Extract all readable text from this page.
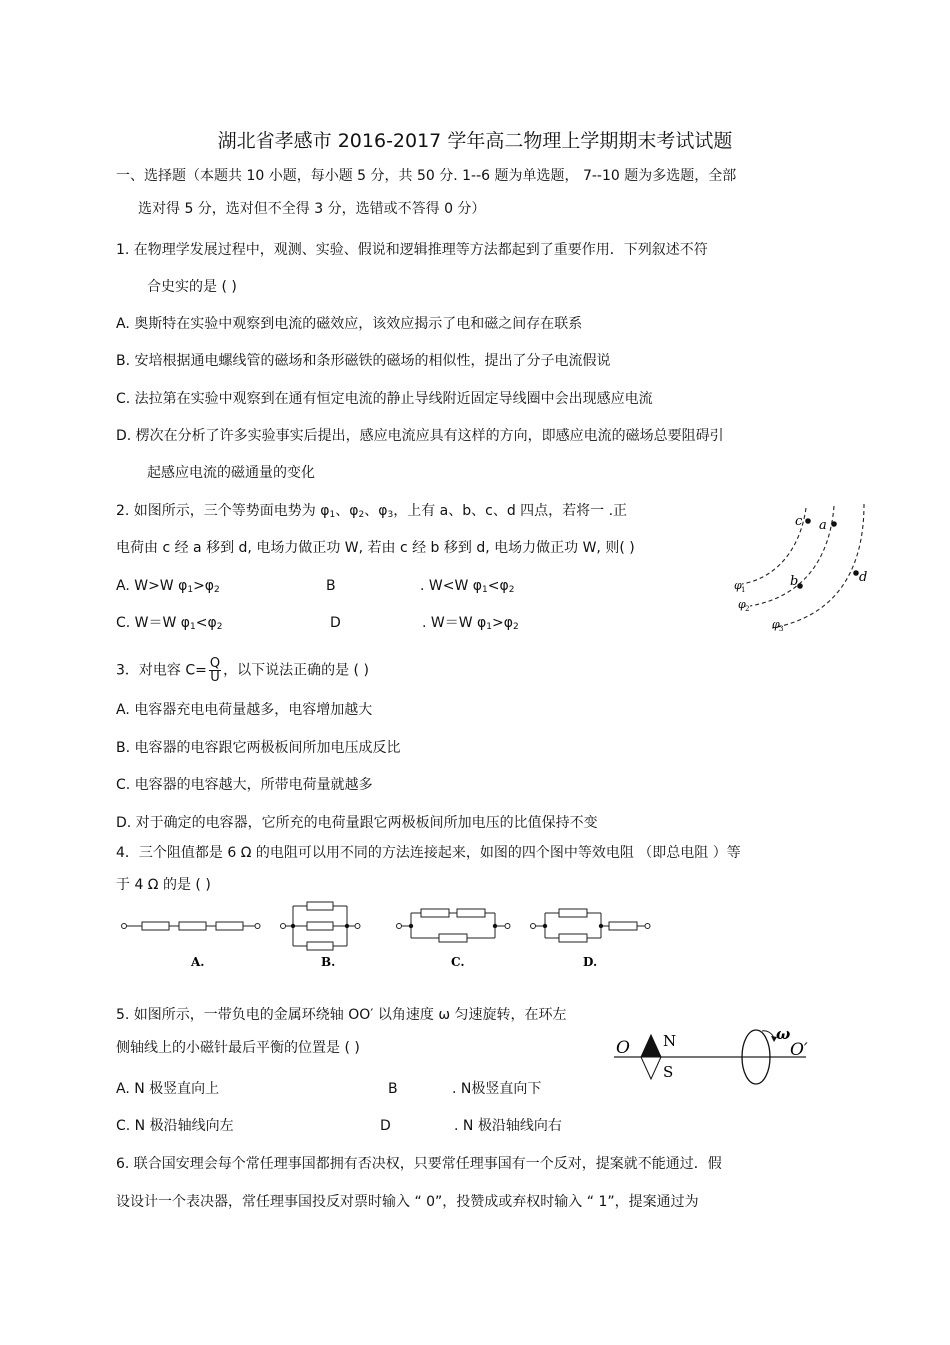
湖北省孝感市 2016-2017 学年高二物理上学期期末考试试题
一、选择题（本题共 10 小题，每小题 5 分，共 50 分. 1--6 题为单选题， 7--10 题为多选题，全部
选对得 5 分，选对但不全得 3 分，选错或不答得 0 分）
1. 在物理学发展过程中，观测、实验、假说和逻辑推理等方法都起到了重要作用．下列叙述不符
合史实的是 ( )
A. 奥斯特在实验中观察到电流的磁效应，该效应揭示了电和磁之间存在联系
B. 安培根据通电螺线管的磁场和条形磁铁的磁场的相似性，提出了分子电流假说
C. 法拉第在实验中观察到在通有恒定电流的静止导线附近固定导线圈中会出现感应电流
D. 楞次在分析了许多实验事实后提出，感应电流应具有这样的方向，即感应电流的磁场总要阻碍引
起感应电流的磁通量的变化
2. 如图所示，三个等势面电势为 $\varphi_1$、$\varphi_2$、$\varphi_3$，上有 a、b、c、d 四点，若将一 .正
电荷由 c 经 a 移到 d, 电场力做正功 W, 若由 c 经 b 移到 d, 电场力做正功 W, 则( )
A. W>W $\varphi_1>\varphi_2$	B	. W<W $\varphi_1<\varphi_2$
C. W＝W $\varphi_1<\varphi_2$	D	. W＝W $\varphi_1>\varphi_2$
c a
b	d
φ 1
φ 2
φ 3
3．对电容 $C= \frac{Q}{U}$ ，以下说法正确的是 ( )
A. 电容器充电电荷量越多，电容增加越大
B. 电容器的电容跟它两极板间所加电压成反比
C. 电容器的电容越大，所带电荷量就越多
D. 对于确定的电容器，它所充的电荷量跟它两极板间所加电压的比值保持不变
4．三个阻值都是 6 Ω 的电阻可以用不同的方法连接起来，如图的四个图中等效电阻 （即总电阻 ）等
于 4 Ω 的是 ( )
A.	B.	C.	D.
5. 如图所示，一带负电的金属环绕轴 OO′ 以角速度 ω 匀速旋转，在环左
侧轴线上的小磁针最后平衡的位置是 ( )
A. N 极竖直向上	B	. N极竖直向下
C. N 极沿轴线向左	D	. N 极沿轴线向右
O N
S
ω
O′
6. 联合国安理会每个常任理事国都拥有否决权，只要常任理事国有一个反对，提案就不能通过．假
设设计一个表决器，常任理事国投反对票时输入 “ 0”，投赞成或弃权时输入 “ 1”，提案通过为
